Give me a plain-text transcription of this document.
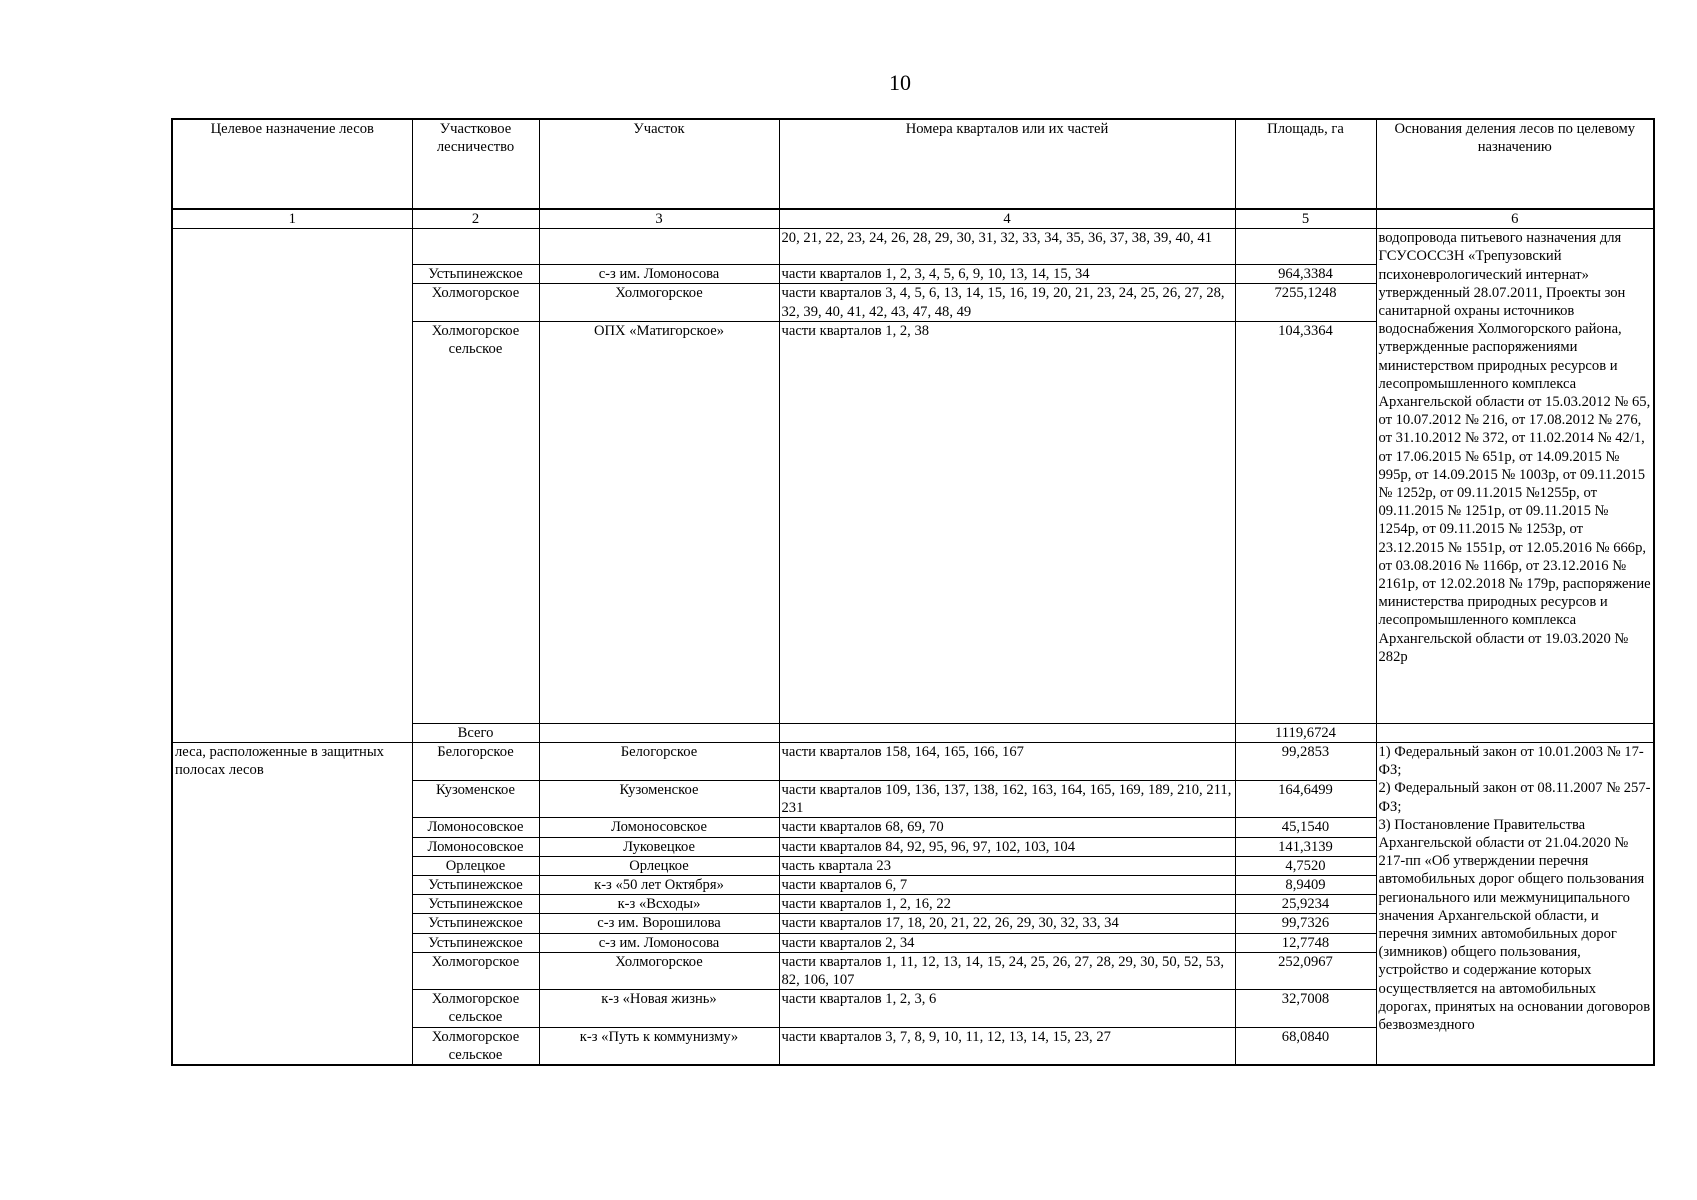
10
Целевое назначение лесов	Участковое лесничество	Участок	Номера кварталов или их частей	Площадь, га	Основания деления лесов по целевому назначению
1	2	3	4	5	6
			20, 21, 22, 23, 24, 26, 28, 29, 30, 31, 32, 33, 34, 35, 36, 37, 38, 39, 40, 41		водопровода питьевого назначения для ГСУСОССЗН «Трепузовский психоневрологический интернат» утвержденный 28.07.2011, Проекты зон санитарной охраны источников водоснабжения Холмогорского района, утвержденные распоряжениями министерством природных ресурсов и лесопромышленного комплекса Архангельской области от 15.03.2012 № 65, от 10.07.2012 № 216, от 17.08.2012 № 276, от 31.10.2012 № 372, от 11.02.2014 № 42/1, от 17.06.2015 № 651р, от 14.09.2015 № 995р, от 14.09.2015 № 1003р, от 09.11.2015 № 1252р, от 09.11.2015 №1255р, от 09.11.2015 № 1251р, от 09.11.2015 № 1254р, от 09.11.2015 № 1253р, от 23.12.2015 № 1551р, от 12.05.2016 № 666р, от 03.08.2016 № 1166р, от 23.12.2016 № 2161р, от 12.02.2018 № 179р, распоряжение министерства природных ресурсов и лесопромышленного комплекса Архангельской области от 19.03.2020 № 282р
	Устьпинежское	с-з им. Ломоносова	части кварталов 1, 2, 3, 4, 5, 6, 9, 10, 13, 14, 15, 34	964,3384	
	Холмогорское	Холмогорское	части кварталов 3, 4, 5, 6, 13, 14, 15, 16, 19, 20, 21, 23, 24, 25, 26, 27, 28, 32, 39, 40, 41, 42, 43, 47, 48, 49	7255,1248	
	Холмогорское сельское	ОПХ «Матигорское»	части кварталов 1, 2, 38	104,3364	
	Всего			1119,6724	
леса, расположенные в защитных полосах лесов	Белогорское	Белогорское	части кварталов 158, 164, 165, 166, 167	99,2853	1) Федеральный закон от 10.01.2003 № 17-ФЗ;
2) Федеральный закон от 08.11.2007 № 257-ФЗ;
3) Постановление Правительства Архангельской области от 21.04.2020 № 217-пп «Об утверждении перечня автомобильных дорог общего пользования регионального или межмуниципального значения Архангельской области, и перечня зимних автомобильных дорог (зимников) общего пользования, устройство и содержание которых осуществляется на автомобильных дорогах, принятых на основании договоров безвозмездного

	Кузоменское	Кузоменское	части кварталов 109, 136, 137, 138, 162, 163, 164, 165, 169, 189, 210, 211, 231	164,6499	
	Ломоносовское	Ломоносовское	части кварталов 68, 69, 70	45,1540	
	Ломоносовское	Луковецкое	части кварталов 84, 92, 95, 96, 97, 102, 103, 104	141,3139	
	Орлецкое	Орлецкое	часть квартала 23	4,7520	
	Устьпинежское	к-з «50 лет Октября»	части кварталов 6, 7	8,9409	
	Устьпинежское	к-з «Всходы»	части кварталов 1, 2, 16, 22	25,9234	
	Устьпинежское	с-з им. Ворошилова	части кварталов 17, 18, 20, 21, 22, 26, 29, 30, 32, 33, 34	99,7326	
	Устьпинежское	с-з им. Ломоносова	части кварталов 2, 34	12,7748	
	Холмогорское	Холмогорское	части кварталов 1, 11, 12, 13, 14, 15, 24, 25, 26, 27, 28, 29, 30, 50, 52, 53, 82, 106, 107	252,0967	
	Холмогорское сельское	к-з «Новая жизнь»	части кварталов 1, 2, 3, 6	32,7008	
	Холмогорское сельское	к-з «Путь к коммунизму»	части кварталов 3, 7, 8, 9, 10, 11, 12, 13, 14, 15, 23, 27	68,0840	
